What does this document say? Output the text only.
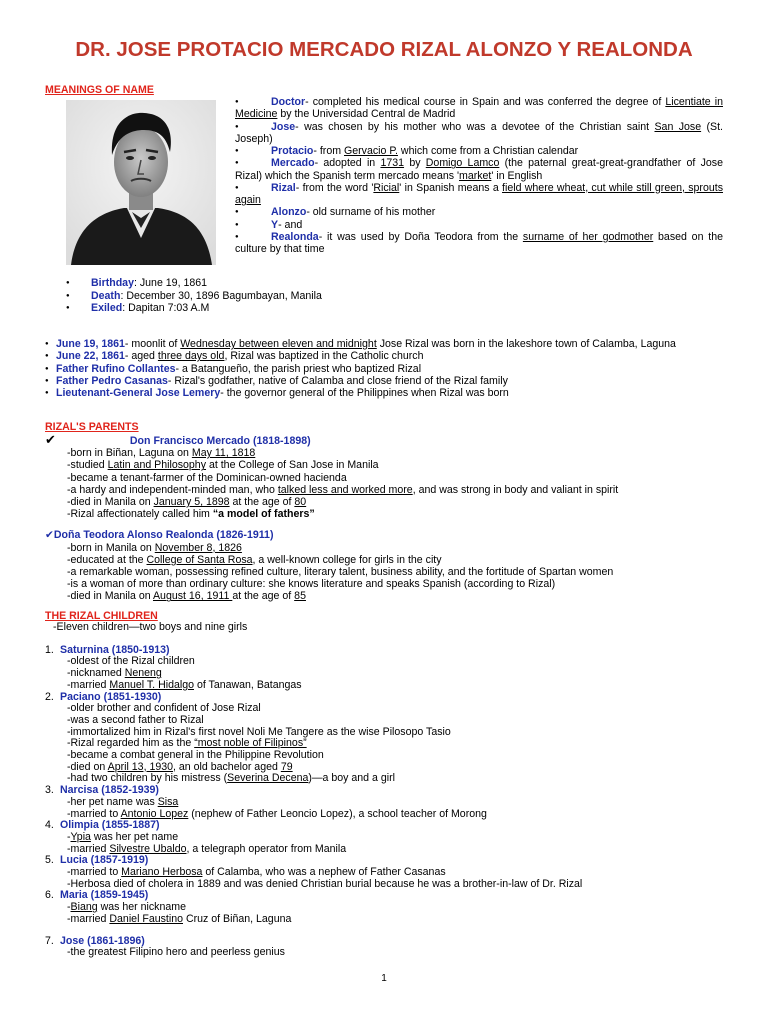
DR. JOSE PROTACIO MERCADO RIZAL ALONZO Y REALONDA
MEANINGS OF NAME

●Doctor- completed his medical course in Spain and was conferred the degree of Licentiate in Medicine by the Universidad Central de Madrid

●Jose- was chosen by his mother who was a devotee of the Christian saint San Jose (St. Joseph)

●Protacio- from Gervacio P. which come from a Christian calendar

●Mercado- adopted in 1731 by Domigo Lamco (the paternal great-great-grandfather of Jose Rizal) which the Spanish term mercado means 'market' in English

●Rizal- from the word 'Ricial' in Spanish means a field where wheat, cut while still green, sprouts again

●Alonzo- old surname of his mother

●Y- and

●Realonda- it was used by Doña Teodora from the surname of her godmother based on the culture by that time

●Birthday: June 19, 1861

●Death: December 30, 1896 Bagumbayan, Manila

●Exiled: Dapitan 7:03 A.M

●June 19, 1861- moonlit of Wednesday between eleven and midnight Jose Rizal was born in the lakeshore town of Calamba, Laguna

●June 22, 1861- aged three days old, Rizal was baptized in the Catholic church

●Father Rufino Collantes- a Batangueño, the parish priest who baptized Rizal

●Father Pedro Casanas- Rizal's godfather, native of Calamba and close friend of the Rizal family

●Lieutenant-General Jose Lemery- the governor general of the Philippines when Rizal was born

RIZAL'S PARENTS

✔	Don Francisco Mercado (1818-1898)

-born in Biñan, Laguna on May 11, 1818

-studied Latin and Philosophy at the College of San Jose in Manila

-became a tenant-farmer of the Dominican-owned hacienda

-a hardy and independent-minded man, who talked less and worked more, and was strong in body and valiant in spirit

-died in Manila on January 5, 1898 at the age of 80

-Rizal affectionately called him “a model of fathers”

✔Doña Teodora Alonso Realonda (1826-1911)

-born in Manila on November 8, 1826

-educated at the College of Santa Rosa, a well-known college for girls in the city

-a remarkable woman, possessing refined culture, literary talent, business ability, and the fortitude of Spartan women

-is a woman of more than ordinary culture: she knows literature and speaks Spanish (according to Rizal)

-died in Manila on August 16, 1911 at the age of 85

THE RIZAL CHILDREN

-Eleven children—two boys and nine girls

1. Saturnina (1850-1913)

-oldest of the Rizal children

-nicknamed Neneng

-married Manuel T. Hidalgo of Tanawan, Batangas

2. Paciano (1851-1930)

-older brother and confident of Jose Rizal

-was a second father to Rizal

-immortalized him in Rizal's first novel Noli Me Tangere as the wise Pilosopo Tasio

-Rizal regarded him as the “most noble of Filipinos”

-became a combat general in the Philippine Revolution

-died on April 13, 1930, an old bachelor aged 79

-had two children by his mistress (Severina Decena)—a boy and a girl

3. Narcisa (1852-1939)

-her pet name was Sisa

-married to Antonio Lopez (nephew of Father Leoncio Lopez), a school teacher of Morong

4. Olimpia (1855-1887)

-Ypia was her pet name

-married Silvestre Ubaldo, a telegraph operator from Manila

5. Lucia (1857-1919)

-married to Mariano Herbosa of Calamba, who was a nephew of Father Casanas

-Herbosa died of cholera in 1889 and was denied Christian burial because he was a brother-in-law of Dr. Rizal

6. Maria (1859-1945)

-Biang was her nickname

-married Daniel Faustino Cruz of Biñan, Laguna

7. Jose (1861-1896)

-the greatest Filipino hero and peerless genius

1
